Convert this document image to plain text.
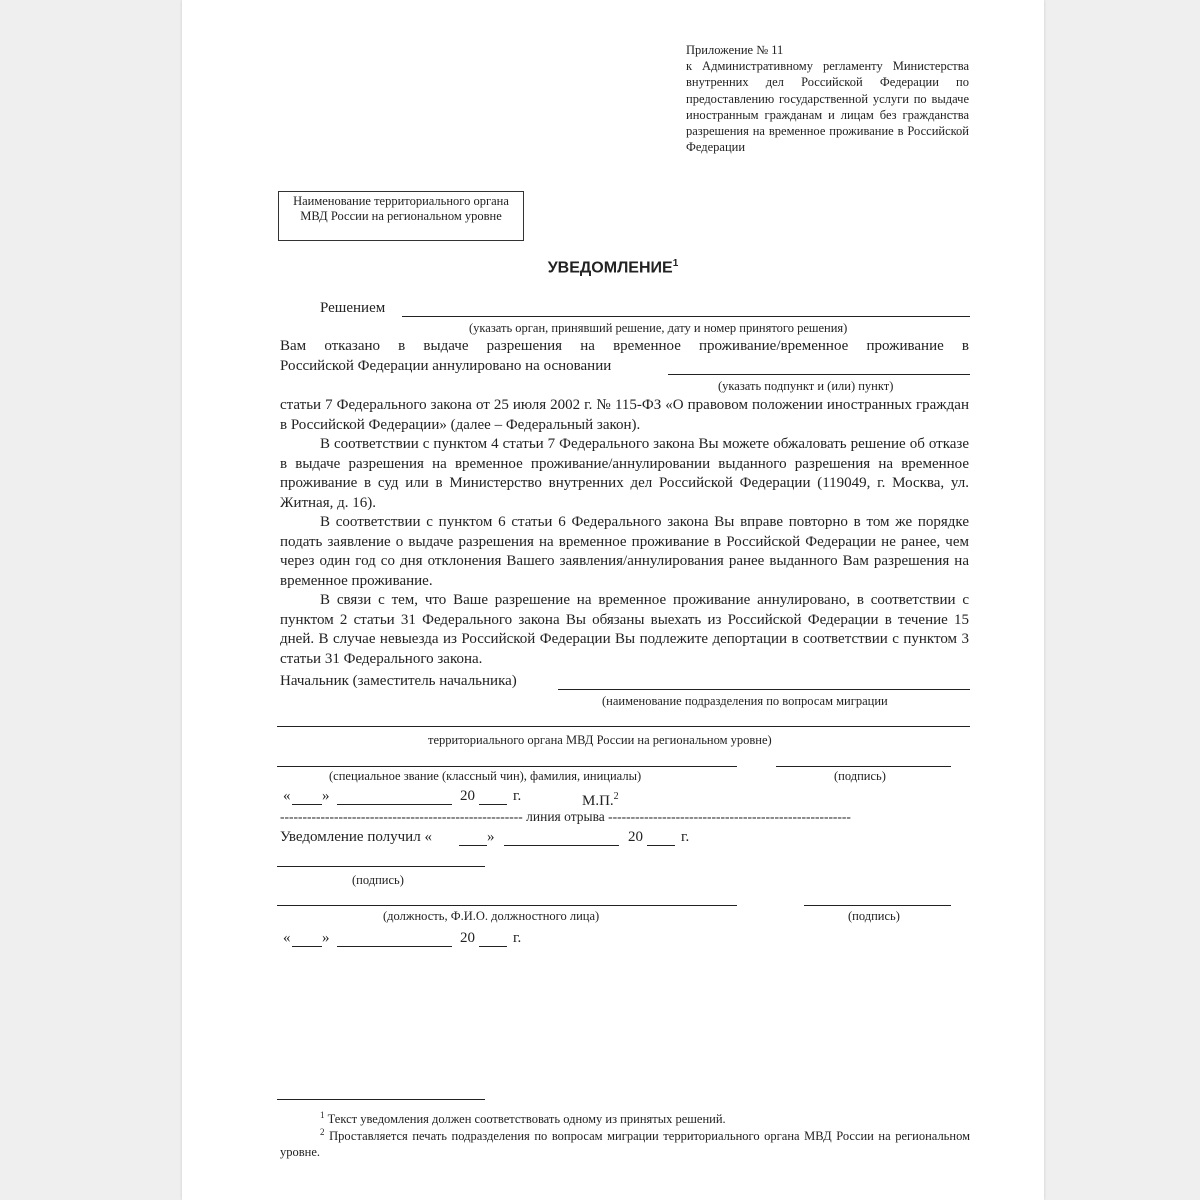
Приложение № 11
к Административному регламенту Министерства внутренних дел Российской Федерации по предоставлению государственной услуги по выдаче иностранным гражданам и лицам без гражданства разрешения на временное проживание в Российской Федерации
Наименование территориального органа МВД России на региональном уровне
УВЕДОМЛЕНИЕ$^1$
Решением
(указать орган, принявший решение, дату и номер принятого решения)
Вам отказано в выдаче разрешения на временное проживание/временное проживание в
Российской Федерации аннулировано на основании
(указать подпункт и (или) пункт)

статьи 7 Федерального закона от 25 июля 2002 г. № 115-ФЗ «О правовом положении иностранных граждан в Российской Федерации» (далее – Федеральный закон).

В соответствии с пунктом 4 статьи 7 Федерального закона Вы можете обжаловать решение об отказе в выдаче разрешения на временное проживание/аннулировании выданного разрешения на временное проживание в суд или в Министерство внутренних дел Российской Федерации (119049, г. Москва, ул. Житная, д. 16).

В соответствии с пунктом 6 статьи 6 Федерального закона Вы вправе повторно в том же порядке подать заявление о выдаче разрешения на временное проживание в Российской Федерации не ранее, чем через один год со дня отклонения Вашего заявления/аннулирования ранее выданного Вам разрешения на временное проживание.

В связи с тем, что Ваше разрешение на временное проживание аннулировано, в соответствии с пунктом 2 статьи 31 Федерального закона Вы обязаны выехать из Российской Федерации в течение 15 дней. В случае невыезда из Российской Федерации Вы подлежите депортации в соответствии с пунктом 3 статьи 31 Федерального закона.

Начальник (заместитель начальника)
(наименование подразделения по вопросам миграции
территориального органа МВД России на региональном уровне)
(специальное звание (классный чин), фамилия, инициалы)	(подпись)
« »	20	г.	М.П.$^2$
------------------------------------------------------ линия отрыва ------------------------------------------------------
Уведомление получил «	»	20	г.
(подпись)
(должность, Ф.И.О. должностного лица)	(подпись)
« »	20	г.
$^1$ Текст уведомления должен соответствовать одному из принятых решений.
$^2$ Проставляется печать подразделения по вопросам миграции территориального органа МВД России на региональном уровне.
